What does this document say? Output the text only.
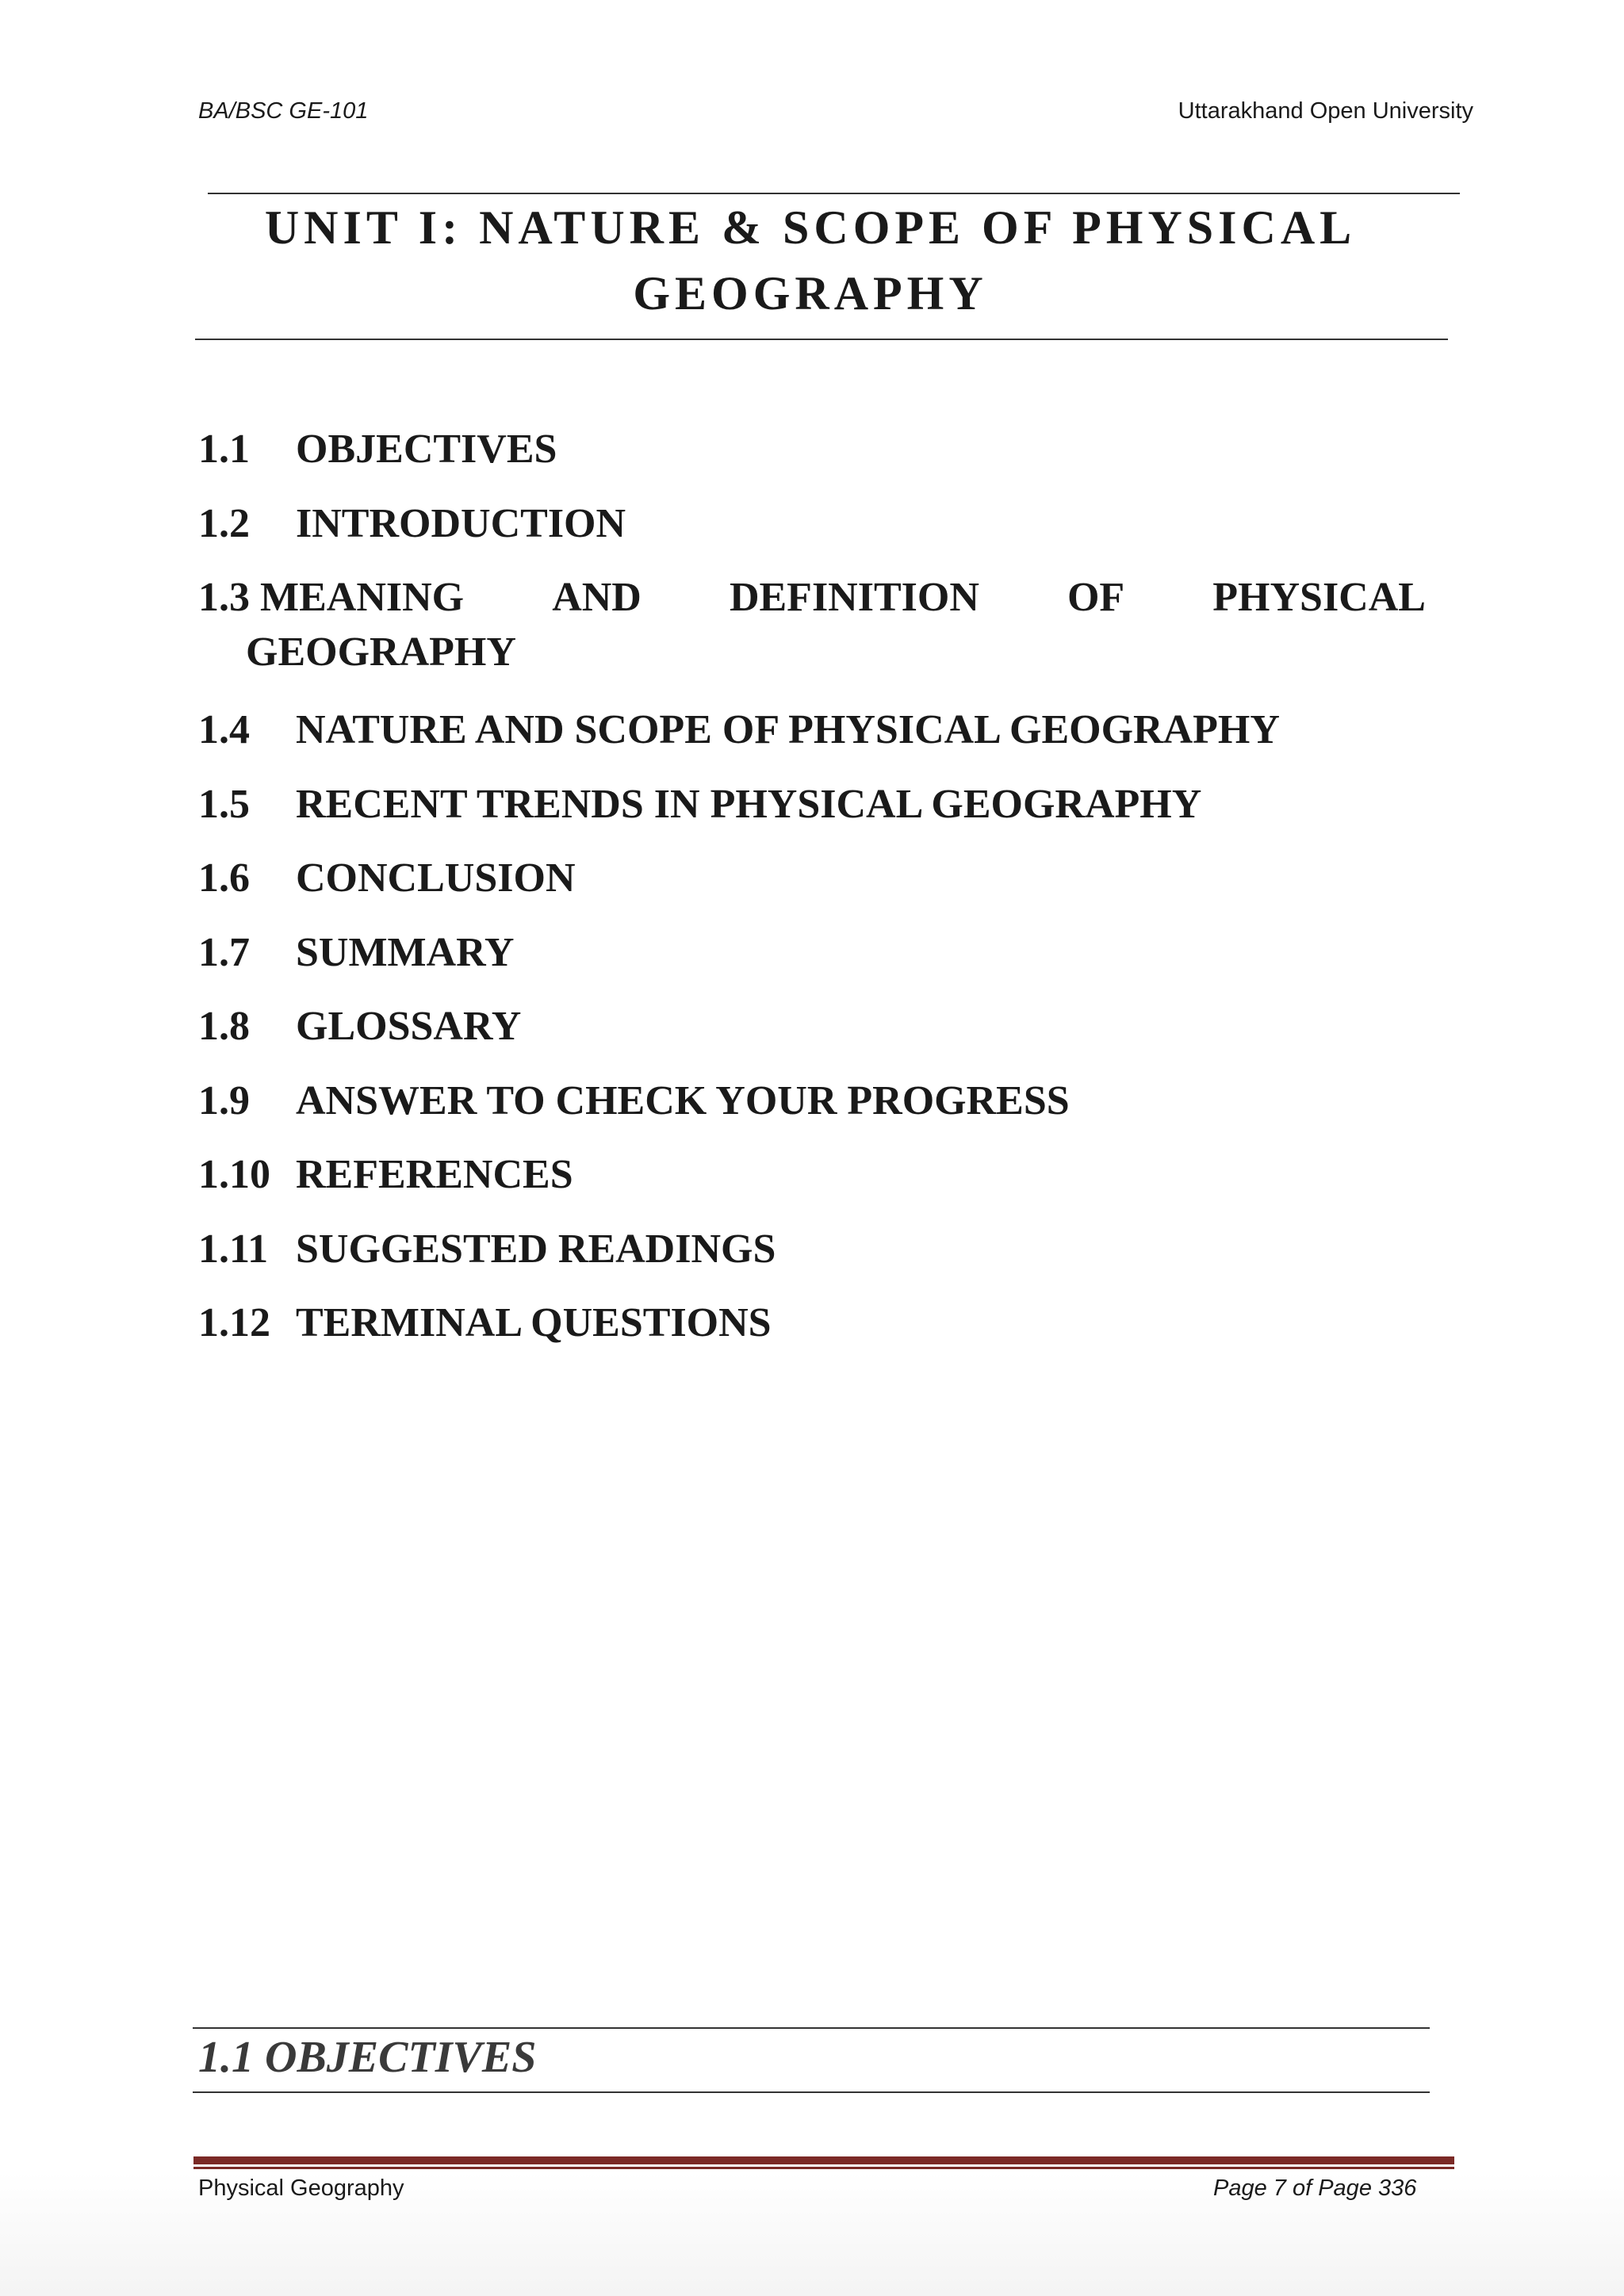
BA/BSC GE-101	Uttarakhand Open University
UNIT I: NATURE & SCOPE OF PHYSICAL GEOGRAPHY
1.1 OBJECTIVES
1.2 INTRODUCTION
1.3 MEANING AND DEFINITION OF PHYSICAL
GEOGRAPHY
1.4 NATURE AND SCOPE OF PHYSICAL GEOGRAPHY
1.5 RECENT TRENDS IN PHYSICAL GEOGRAPHY
1.6 CONCLUSION
1.7 SUMMARY
1.8 GLOSSARY
1.9 ANSWER TO CHECK YOUR PROGRESS
1.10 REFERENCES
1.11 SUGGESTED READINGS
1.12 TERMINAL QUESTIONS
1.1 OBJECTIVES
Physical Geography	Page 7 of Page 336
